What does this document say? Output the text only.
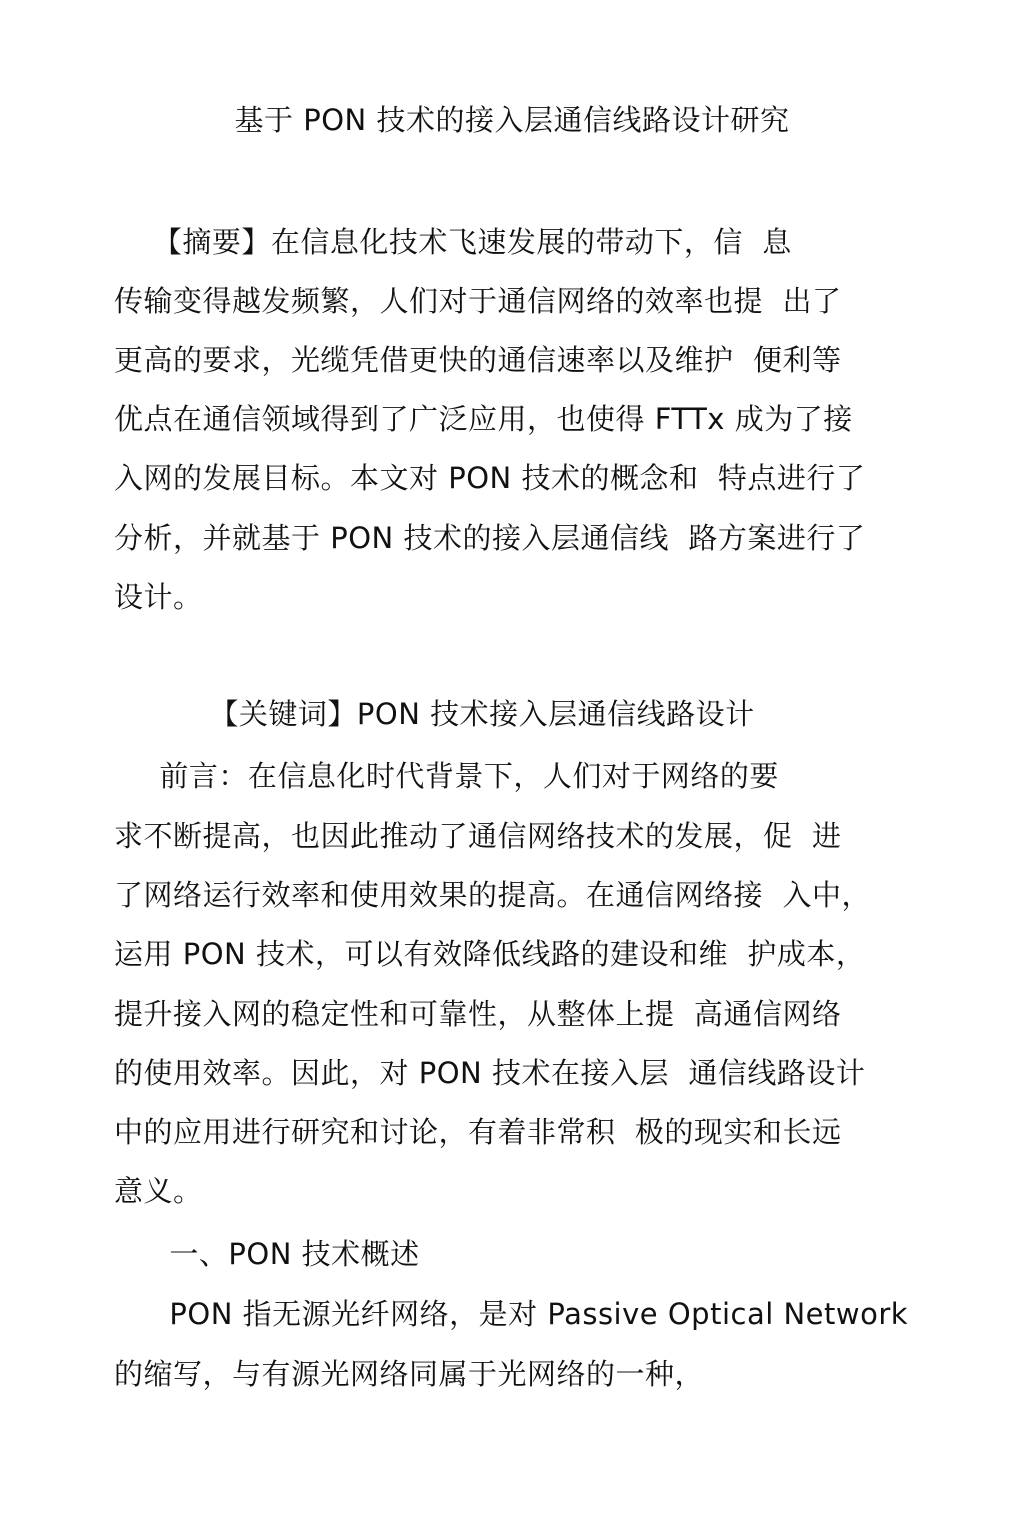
基于 PON 技术的接入层通信线路设计研究
【摘要】在信息化技术飞速发展的带动下，信  息
传输变得越发频繁，人们对于通信网络的效率也提  出了
更高的要求，光缆凭借更快的通信速率以及维护  便利等
优点在通信领域得到了广泛应用，也使得 FTTx 成为了接
入网的发展目标。本文对 PON 技术的概念和  特点进行了
分析，并就基于 PON 技术的接入层通信线  路方案进行了
设计。
【关键词】PON 技术接入层通信线路设计
前言：在信息化时代背景下，人们对于网络的要
求不断提高，也因此推动了通信网络技术的发展，促  进
了网络运行效率和使用效果的提高。在通信网络接  入中，
运用 PON 技术，可以有效降低线路的建设和维  护成本，
提升接入网的稳定性和可靠性，从整体上提  高通信网络
的使用效率。因此，对 PON 技术在接入层  通信线路设计
中的应用进行研究和讨论，有着非常积  极的现实和长远
意义。
一、PON 技术概述
PON 指无源光纤网络，是对 Passive Optical Network
的缩写，与有源光网络同属于光网络的一种，
